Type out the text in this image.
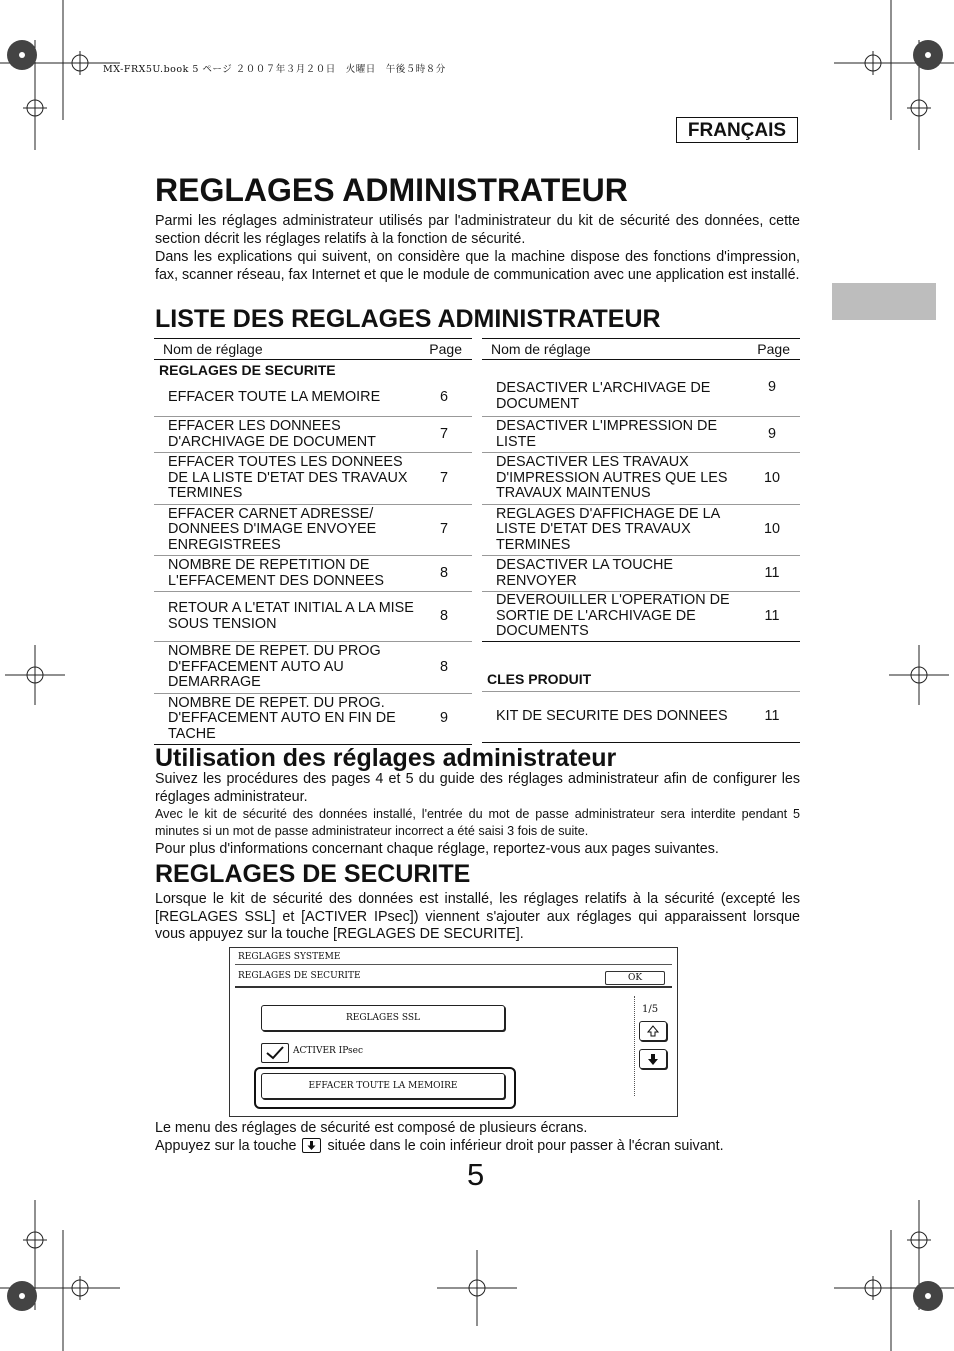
MX-FRX5U.book 5 ページ ２００７年３月２０日　火曜日　午後５時８分
FRANÇAIS
REGLAGES ADMINISTRATEUR

Parmi les réglages administrateur utilisés par l'administrateur du kit de sécurité des données, cette section décrit les réglages relatifs à la fonction de sécurité.

Dans les explications qui suivent, on considère que la machine dispose des fonctions d'impression, fax, scanner réseau, fax Internet et que le module de communication avec une application est installé.

LISTE DES REGLAGES ADMINISTRATEUR
Nom de réglage	Page
REGLAGES DE SECURITE	
EFFACER TOUTE LA MEMOIRE	6
EFFACER LES DONNEES D'ARCHIVAGE DE DOCUMENT	7
EFFACER TOUTES LES DONNEES DE LA LISTE D'ETAT DES TRAVAUX TERMINES	7
EFFACER CARNET ADRESSE/ DONNEES D'IMAGE ENVOYEE ENREGISTREES	7
NOMBRE DE REPETITION DE L'EFFACEMENT DES DONNEES	8
RETOUR A L'ETAT INITIAL A LA MISE SOUS TENSION	8
NOMBRE DE REPET. DU PROG D'EFFACEMENT AUTO AU DEMARRAGE	8
NOMBRE DE REPET. DU PROG. D'EFFACEMENT AUTO EN FIN DE TACHE	9
Nom de réglage	Page
DESACTIVER L'ARCHIVAGE DE DOCUMENT	9
DESACTIVER L'IMPRESSION DE LISTE	9
DESACTIVER LES TRAVAUX D'IMPRESSION AUTRES QUE LES TRAVAUX MAINTENUS	10
REGLAGES D'AFFICHAGE DE LA LISTE D'ETAT DES TRAVAUX TERMINES	10
DESACTIVER LA TOUCHE RENVOYER	11
DEVEROUILLER L'OPERATION DE SORTIE DE L'ARCHIVAGE DE DOCUMENTS	11
CLES PRODUIT	
KIT DE SECURITE DES DONNEES	11
Utilisation des réglages administrateur

Suivez les procédures des pages 4 et 5 du guide des réglages administrateur afin de configurer les réglages administrateur.

Avec le kit de sécurité des données installé, l'entrée du mot de passe administrateur sera interdite pendant 5 minutes si un mot de passe administrateur incorrect a été saisi 3 fois de suite.

Pour plus d'informations concernant chaque réglage, reportez-vous aux pages suivantes.

REGLAGES DE SECURITE

Lorsque le kit de sécurité des données est installé, les réglages relatifs à la sécurité (excepté les [REGLAGES SSL] et [ACTIVER IPsec]) viennent s'ajouter aux réglages qui apparaissent lorsque vous appuyez sur la touche [REGLAGES DE SECURITE].

REGLAGES SYSTEME
REGLAGES DE SECURITE	OK
REGLAGES SSL
ACTIVER IPsec
EFFACER TOUTE LA MEMOIRE
1/5

Le menu des réglages de sécurité est composé de plusieurs écrans.

Appuyez sur la touche située dans le coin inférieur droit pour passer à l'écran suivant.

5
